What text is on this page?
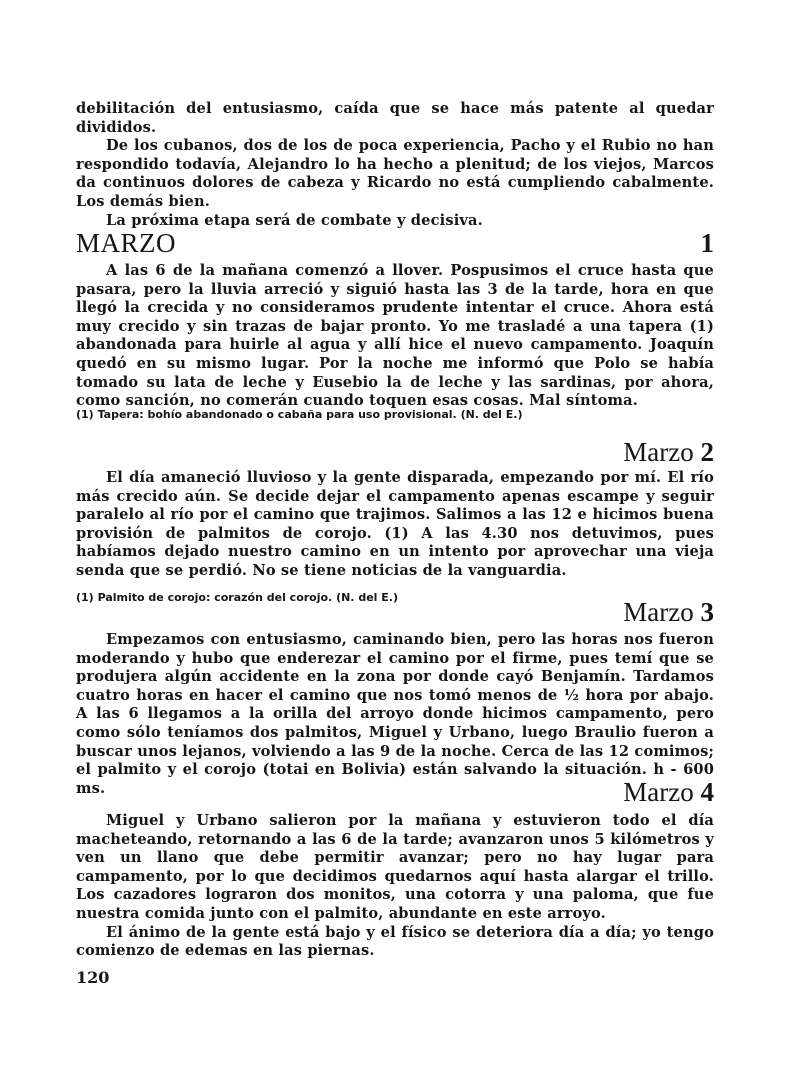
debilitación del entusiasmo, caída que se hace más patente al quedar divididos.

De los cubanos, dos de los de poca experiencia, Pacho y el Rubio no han respondido todavía, Alejandro lo ha hecho a plenitud; de los viejos, Marcos da continuos dolores de cabeza y Ricardo no está cumpliendo cabalmente. Los demás bien.

La próxima etapa será de combate y decisiva.

MARZO	1

A las 6 de la mañana comenzó a llover. Pospusimos el cruce hasta que pasara, pero la lluvia arreció y siguió hasta las 3 de la tarde, hora en que llegó la crecida y no consideramos prudente intentar el cruce. Ahora está muy crecido y sin trazas de bajar pronto. Yo me trasladé a una tapera (1) abandonada para huirle al agua y allí hice el nuevo campamento. Joaquín quedó en su mismo lugar. Por la noche me informó que Polo se había tomado su lata de leche y Eusebio la de leche y las sardinas, por ahora, como sanción, no comerán cuando toquen esas cosas. Mal síntoma.

(1) Tapera: bohío abandonado o cabaña para uso provisional. (N. del E.)
Marzo 2

El día amaneció lluvioso y la gente disparada, empezando por mí. El río más crecido aún. Se decide dejar el campamento apenas escampe y seguir paralelo al río por el camino que trajimos. Salimos a las 12 e hicimos buena provisión de palmitos de corojo. (1) A las 4.30 nos detuvimos, pues habíamos dejado nuestro camino en un intento por aprovechar una vieja senda que se perdió. No se tiene noticias de la vanguardia.

(1) Palmito de corojo: corazón del corojo. (N. del E.)	Marzo 3

Empezamos con entusiasmo, caminando bien, pero las horas nos fueron moderando y hubo que enderezar el camino por el firme, pues temí que se produjera algún accidente en la zona por donde cayó Benjamín. Tardamos cuatro horas en hacer el camino que nos tomó menos de ½ hora por abajo. A las 6 llegamos a la orilla del arroyo donde hicimos campamento, pero como sólo teníamos dos palmitos, Miguel y Urbano, luego Braulio fueron a buscar unos lejanos, volviendo a las 9 de la noche. Cerca de las 12 comimos; el palmito y el corojo (totai en Bolivia) están salvando la situación. h - 600 ms.	Marzo 4

Miguel y Urbano salieron por la mañana y estuvieron todo el día macheteando, retornando a las 6 de la tarde; avanzaron unos 5 kilómetros y ven un llano que debe permitir avanzar; pero no hay lugar para campamento, por lo que decidimos quedarnos aquí hasta alargar el trillo. Los cazadores lograron dos monitos, una cotorra y una paloma, que fue nuestra comida junto con el palmito, abundante en este arroyo.

El ánimo de la gente está bajo y el físico se deteriora día a día; yo tengo comienzo de edemas en las piernas.

120
